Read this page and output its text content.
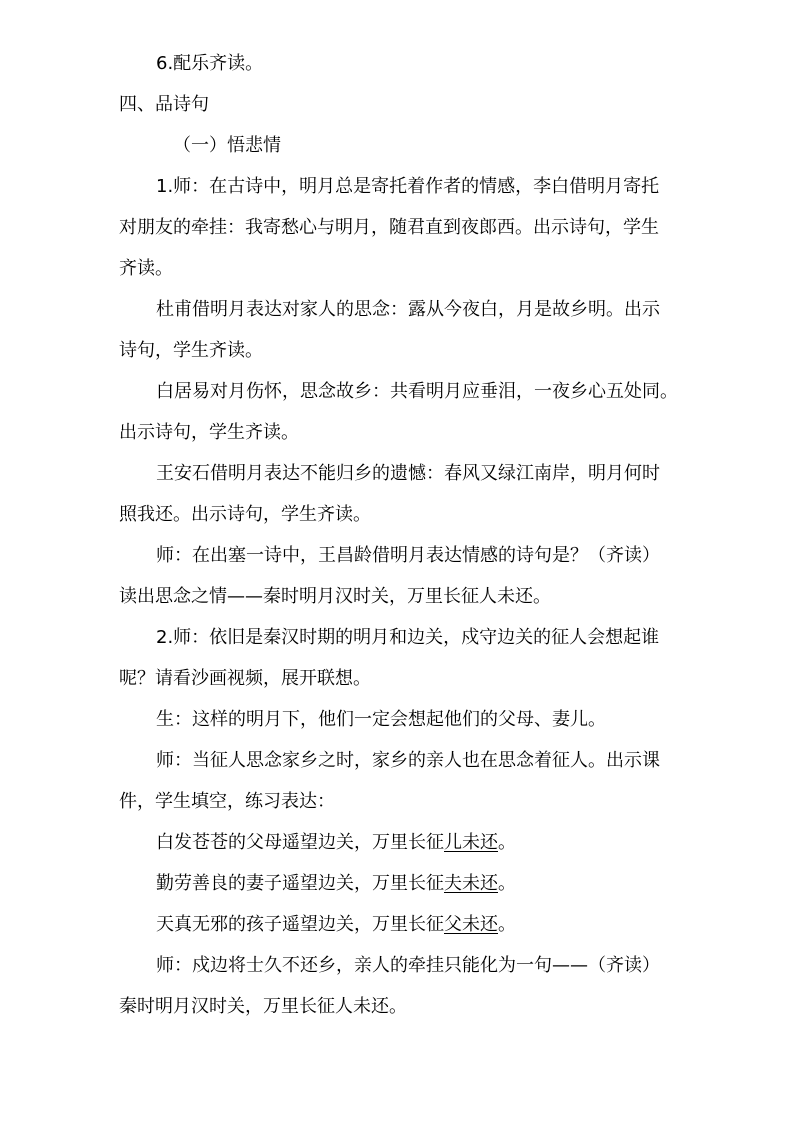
6.配乐齐读。

四、品诗句

（一）悟悲情

1.师：在古诗中，明月总是寄托着作者的情感，李白借明月寄托

对朋友的牵挂：我寄愁心与明月，随君直到夜郎西。出示诗句，学生

齐读。

杜甫借明月表达对家人的思念：露从今夜白，月是故乡明。出示

诗句，学生齐读。

白居易对月伤怀，思念故乡：共看明月应垂泪，一夜乡心五处同。

出示诗句，学生齐读。

王安石借明月表达不能归乡的遗憾：春风又绿江南岸，明月何时

照我还。出示诗句，学生齐读。

师：在出塞一诗中，王昌龄借明月表达情感的诗句是？（齐读）

读出思念之情——秦时明月汉时关，万里长征人未还。

2.师：依旧是秦汉时期的明月和边关，戍守边关的征人会想起谁

呢？请看沙画视频，展开联想。

生：这样的明月下，他们一定会想起他们的父母、妻儿。

师：当征人思念家乡之时，家乡的亲人也在思念着征人。出示课

件，学生填空，练习表达：

白发苍苍的父母遥望边关，万里长征儿未还。

勤劳善良的妻子遥望边关，万里长征夫未还。

天真无邪的孩子遥望边关，万里长征父未还。

师：戍边将士久不还乡，亲人的牵挂只能化为一句——（齐读）

秦时明月汉时关，万里长征人未还。
